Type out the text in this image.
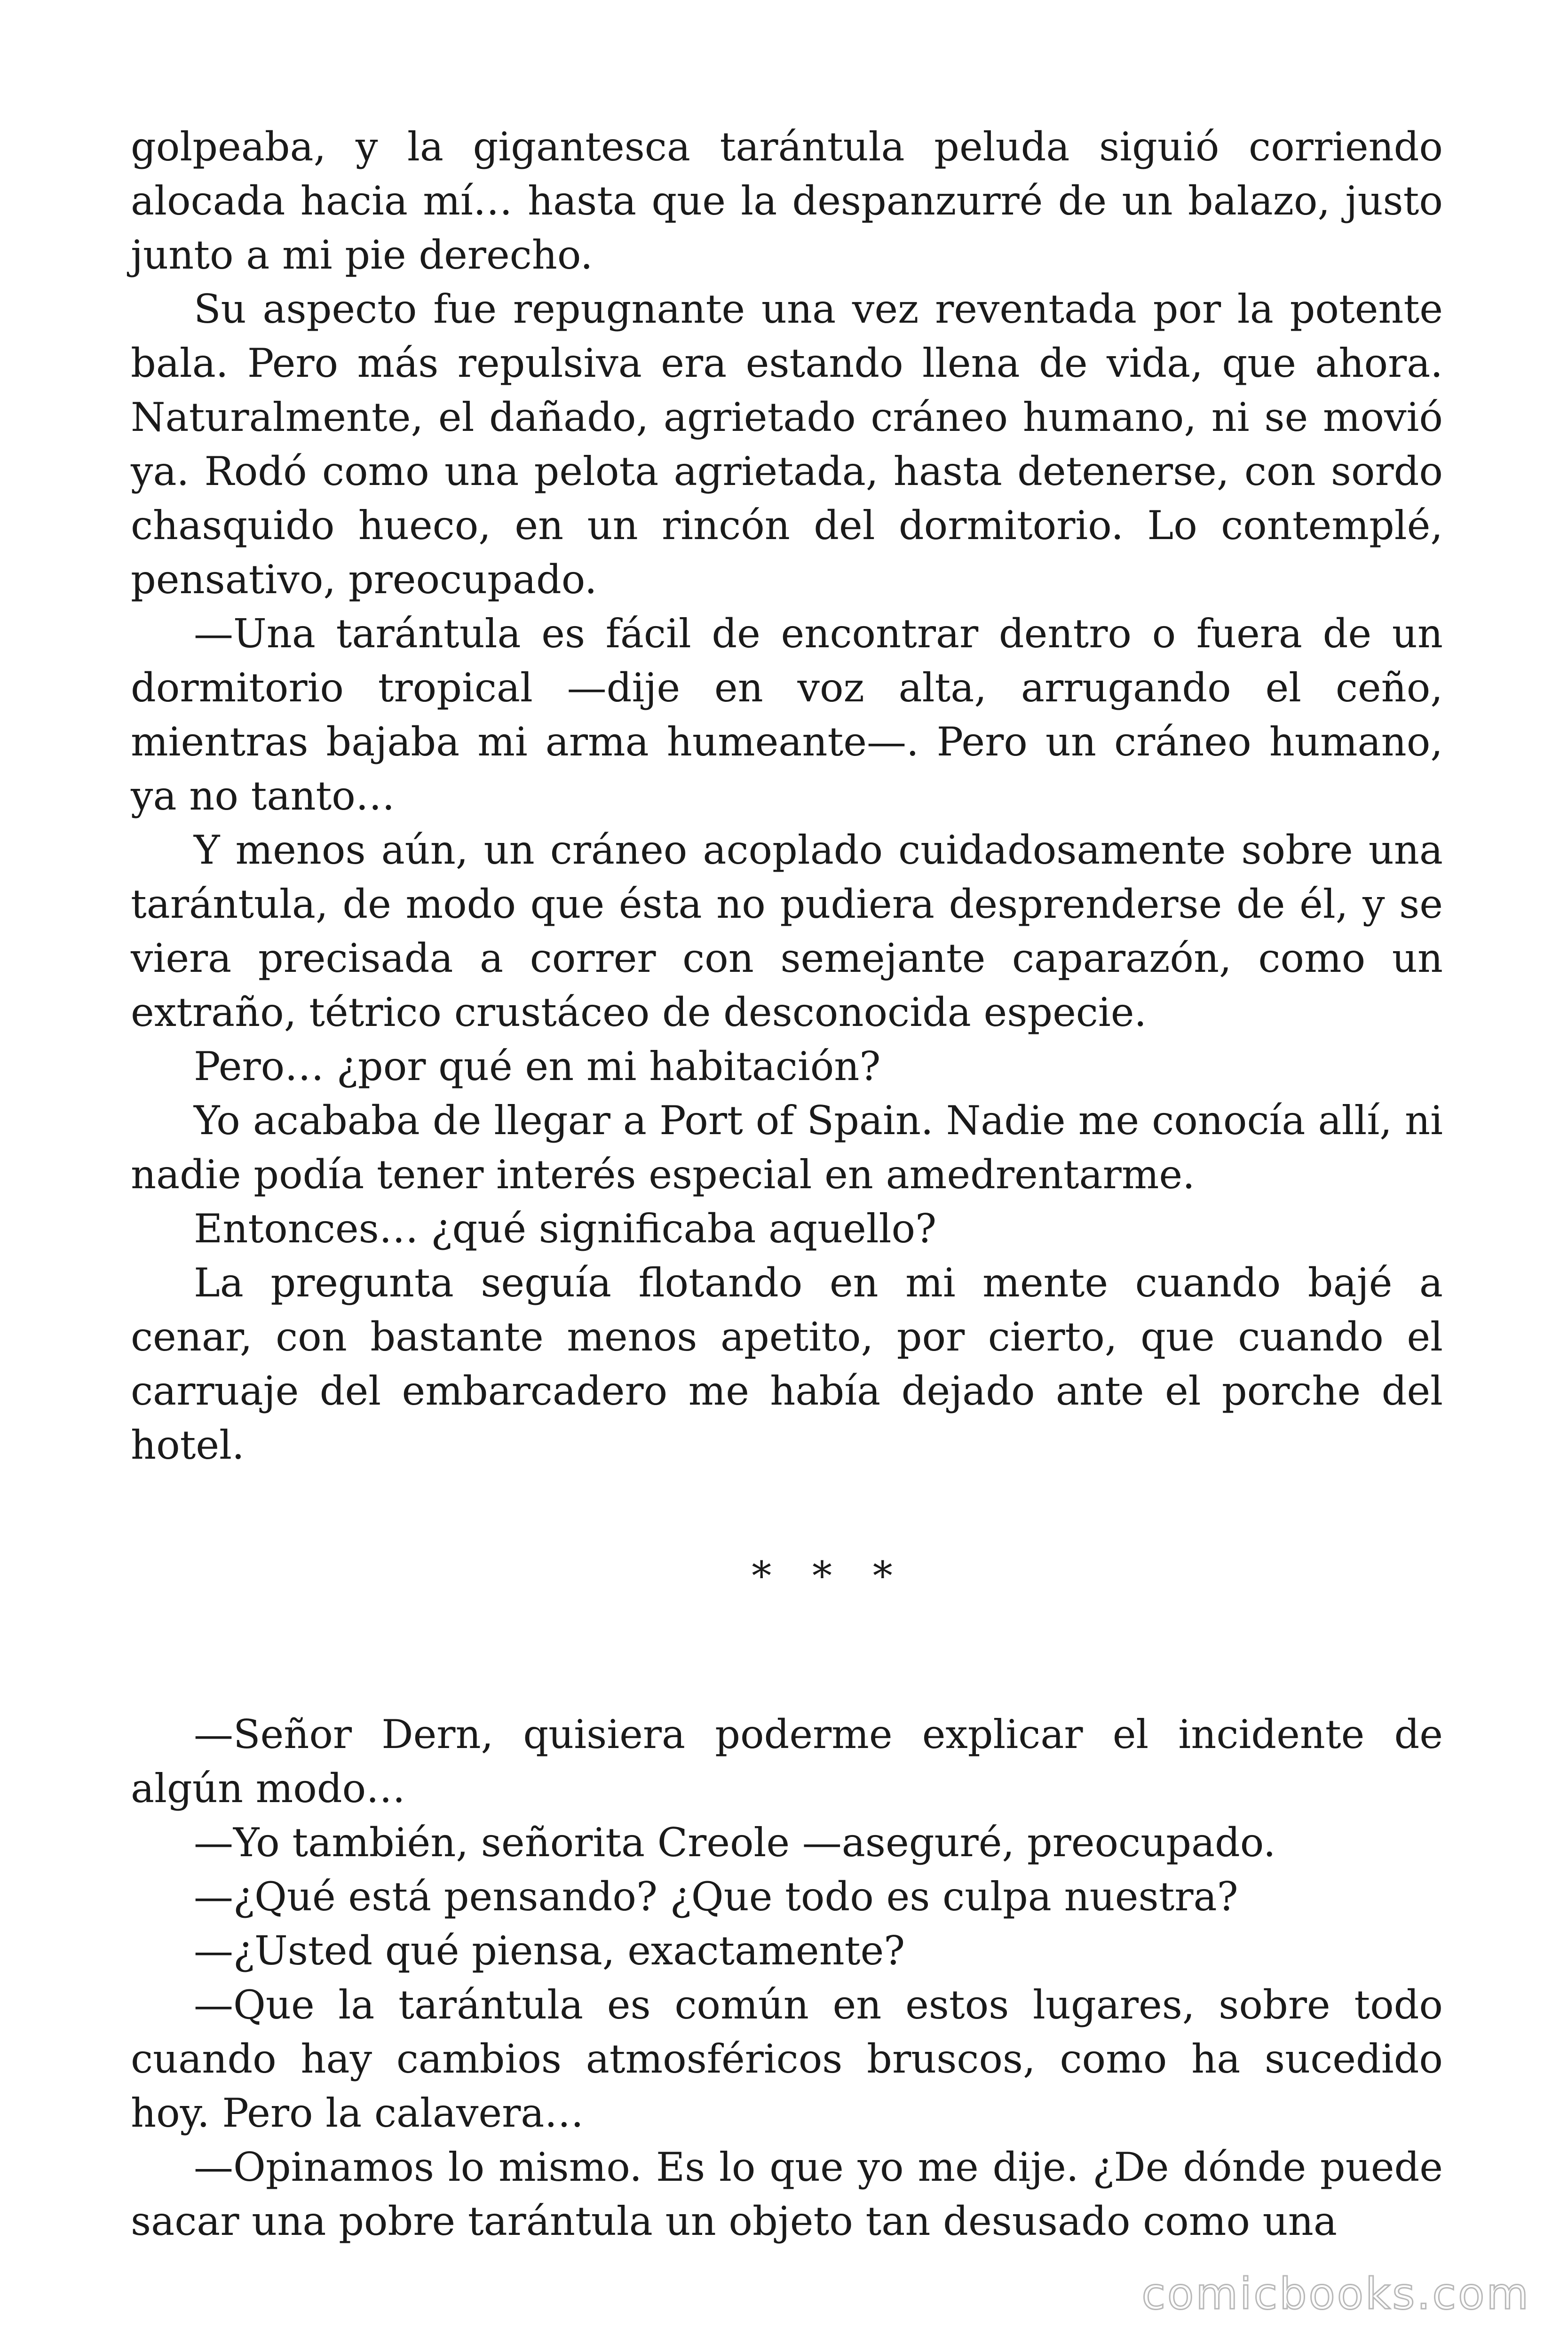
golpeaba, y la gigantesca tarántula peluda siguió corriendo alocada hacia mí… hasta que la despanzurré de un balazo, justo junto a mi pie derecho.

Su aspecto fue repugnante una vez reventada por la potente bala. Pero más repulsiva era estando llena de vida, que ahora. Naturalmente, el dañado, agrietado cráneo humano, ni se movió ya. Rodó como una pelota agrietada, hasta detenerse, con sordo chasquido hueco, en un rincón del dormitorio. Lo contemplé, pensativo, preocupado.

—Una tarántula es fácil de encontrar dentro o fuera de un dormitorio tropical —dije en voz alta, arrugando el ceño, mientras bajaba mi arma humeante—. Pero un cráneo humano, ya no tanto…

Y menos aún, un cráneo acoplado cuidadosamente sobre una tarántula, de modo que ésta no pudiera desprenderse de él, y se viera precisada a correr con semejante caparazón, como un extraño, tétrico crustáceo de desconocida especie.

Pero… ¿por qué en mi habitación?

Yo acababa de llegar a Port of Spain. Nadie me conocía allí, ni nadie podía tener interés especial en amedrentarme.

Entonces… ¿qué significaba aquello?

La pregunta seguía flotando en mi mente cuando bajé a cenar, con bastante menos apetito, por cierto, que cuando el carruaje del embarcadero me había dejado ante el porche del hotel.

* * *

—Señor Dern, quisiera poderme explicar el incidente de algún modo…

—Yo también, señorita Creole —aseguré, preocupado.

—¿Qué está pensando? ¿Que todo es culpa nuestra?

—¿Usted qué piensa, exactamente?

—Que la tarántula es común en estos lugares, sobre todo cuando hay cambios atmosféricos bruscos, como ha sucedido hoy. Pero la calavera…

—Opinamos lo mismo. Es lo que yo me dije. ¿De dónde puede sacar una pobre tarántula un objeto tan desusado como una

comicbooks.com
